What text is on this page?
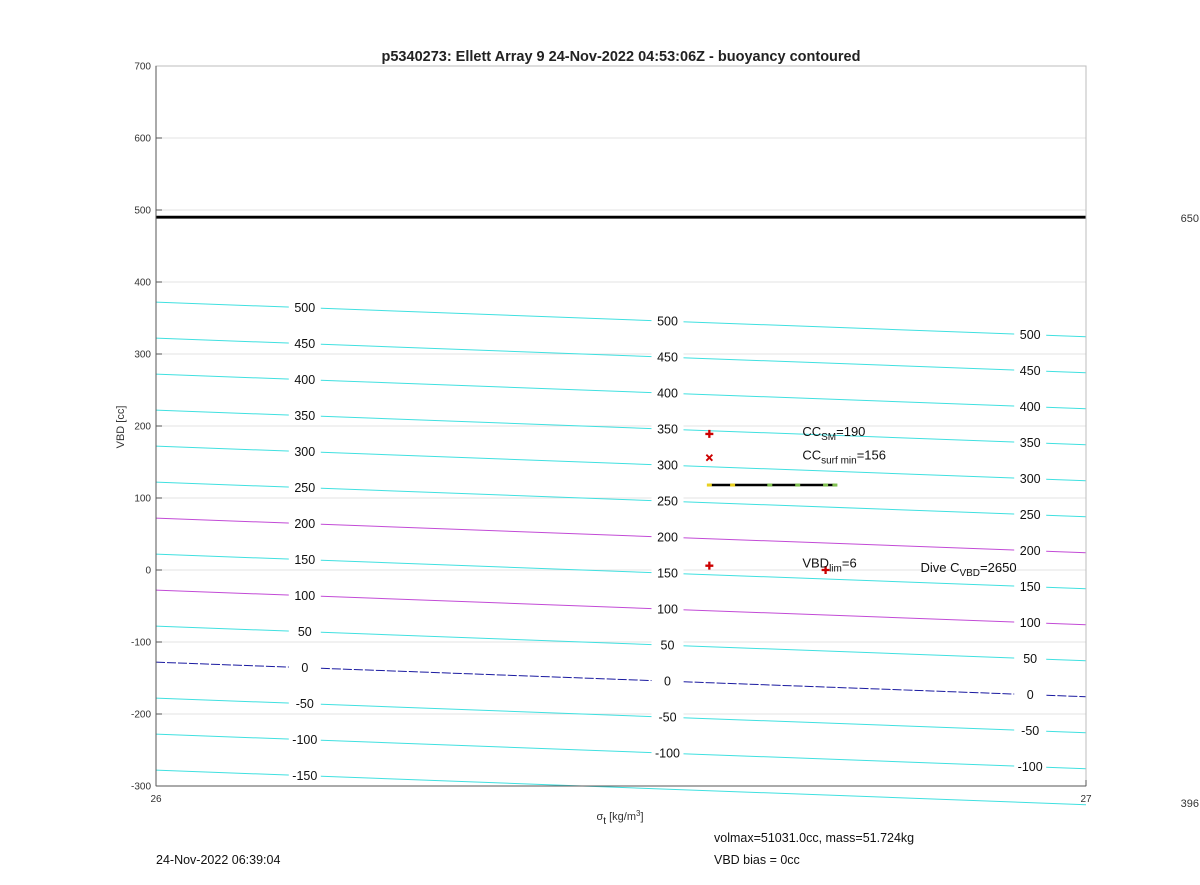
p5340273: Ellett Array 9 24-Nov-2022 04:53:06Z - buoyancy contoured
-150
-100
-100
-100
-50
-50
-50
0
0
0
50
50
50
100
100
100
150
150
150
200
200
200
250
250
250
300
300
300
350
350
350
400
400
400
450
450
450
500
500
500
$CC_{SM}=190$
$CC_{surf min}=156$
$VBD_{lim}=6$	Dive $C_{VBD}=2650$
700
600
500
400
300
200
100
0
-100
-200
-300
26	27
VBD [cc]
σt $[kg/m^3]$
650
396
24-Nov-2022 06:39:04
volmax=51031.0cc, mass=51.724kg
VBD bias = 0cc
